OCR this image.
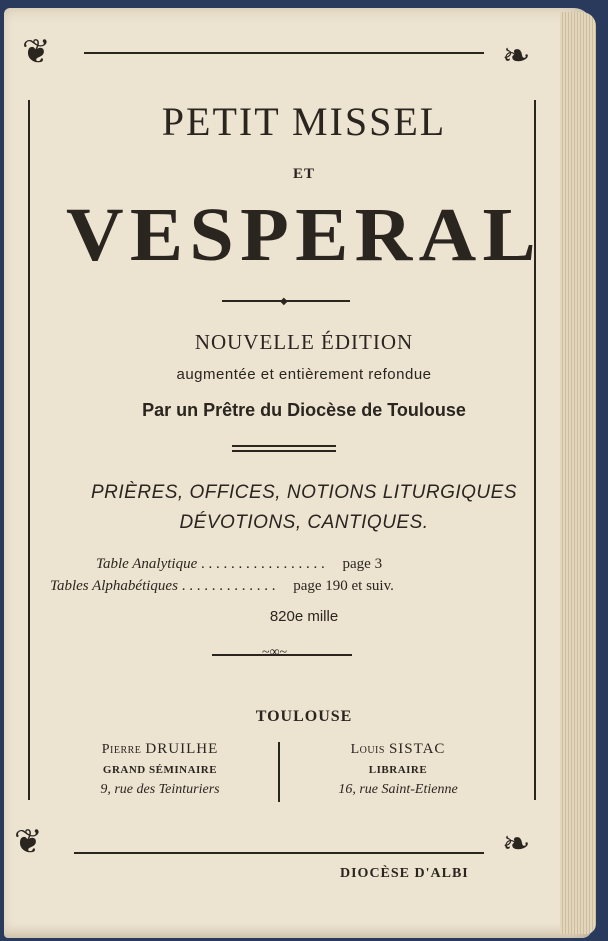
❦	❧
❦	❧
PETIT MISSEL
ET
VESPERAL
◆
NOUVELLE ÉDITION
augmentée et entièrement refondue
Par un Prêtre du Diocèse de Toulouse
PRIÈRES, OFFICES, NOTIONS LITURGIQUES
DÉVOTIONS, CANTIQUES.
Table Analytique . . . . . . . . . . . . . . . . . page 3
Tables Alphabétiques . . . . . . . . . . . . . page 190 et suiv.
820e mille
~∞~
TOULOUSE
Pierre DRUILHE
GRAND SÉMINAIRE
9, rue des Teinturiers
Louis SISTAC
LIBRAIRE
16, rue Saint-Etienne
DIOCÈSE D'ALBI
